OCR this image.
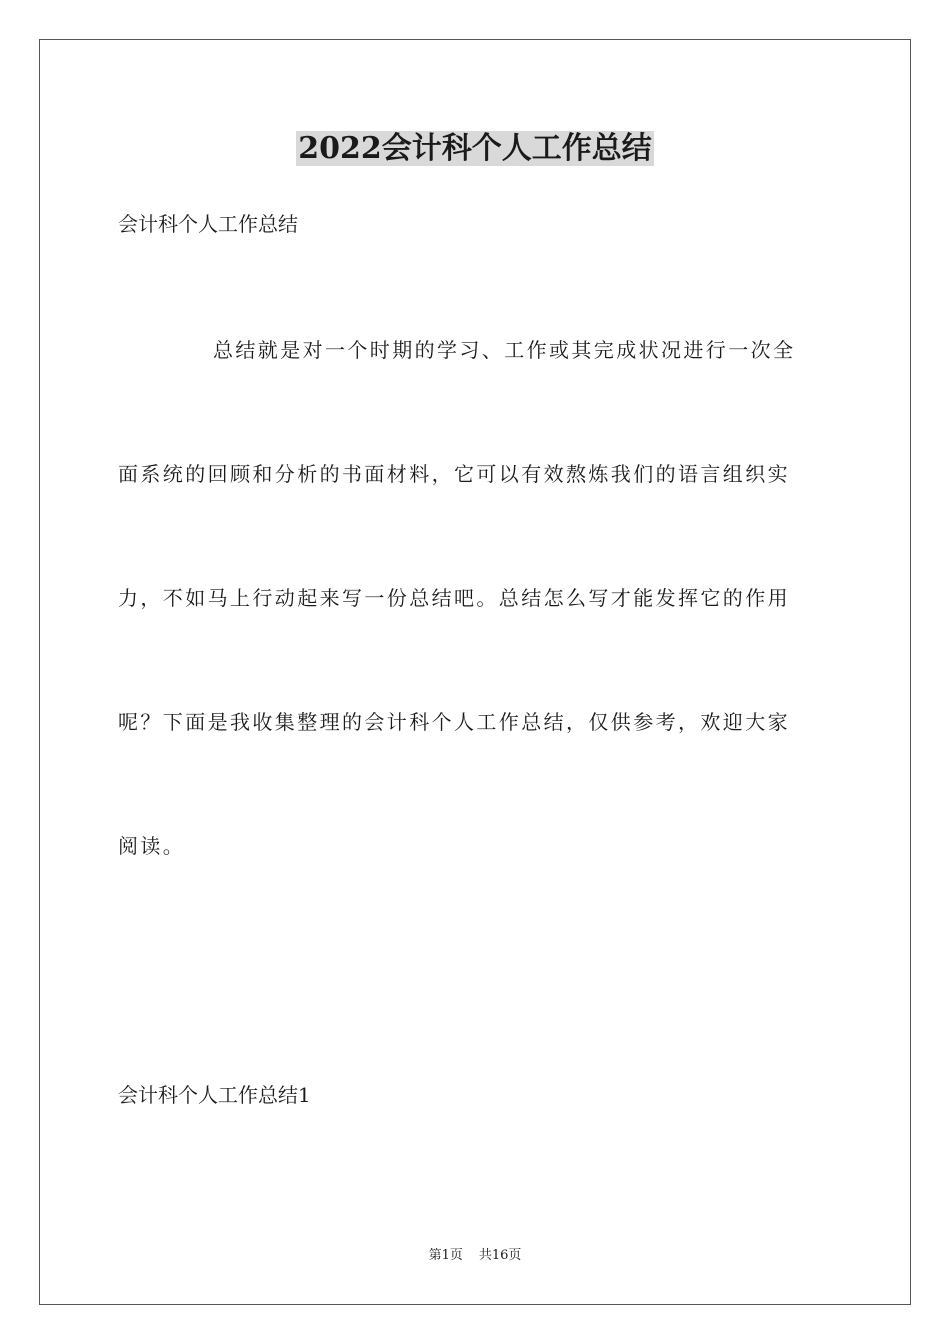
2022会计科个人工作总结
会计科个人工作总结

总结就是对一个时期的学习、工作或其完成状况进行一次全

面系统的回顾和分析的书面材料，它可以有效熬炼我们的语言组织实

力，不如马上行动起来写一份总结吧。总结怎么写才能发挥它的作用

呢？下面是我收集整理的会计科个人工作总结，仅供参考，欢迎大家

阅读。

会计科个人工作总结1
第1页 共16页
